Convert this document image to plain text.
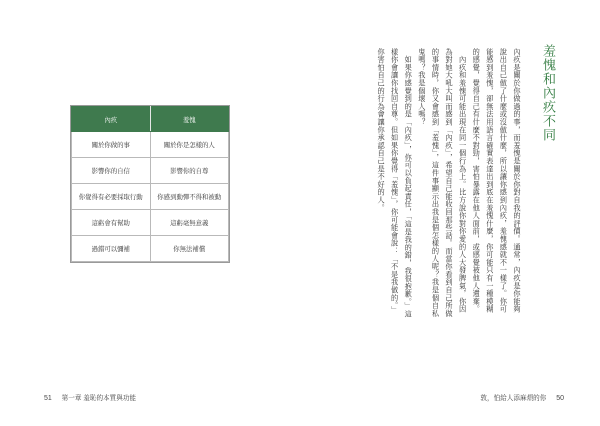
內疚	羞愧
關於你做的事	關於你是怎樣的人
影響你的自信	影響你的自尊
你覺得有必要採取行動	你感到動彈不得和被動
這虧會有幫助	這虧毫無意義
過錯可以彌補	你無法補償
羞愧和內疚不同

內疚是關於你做過的事，而羞愧是關於你對自我的評價。通常，內疚是你能夠說出自己做了什麼或沒做什麼，所以讓你感到內疚，羞愧感就不一樣了。你可能感到羞愧，卻無法用語言確實表達出到底在羞愧什麼，你可能只有一種模糊的感覺，覺得自己有什麼不對勁，害怕暴露在他人面前，或感覺被他人遺棄。

內疚和羞愧可能出現在同一個行為上。比方說你對你愛的人大發脾氣，你因為對她大吼大叫而感到「內疚」，希望自己能收回那些話。而當你看到自己所做的事情時，你又會感到「羞愧」，這件事顯示出我是個怎樣的人呢？我是個自私鬼嗎？我是個壞人嗎？

如果你感覺到的是「內疚」，你可以負起責任，「這是我的錯，我很抱歉。」這樣你會讓你找回自尊。但如果你覺得「羞愧」，你可能會說：「不是我做的。」你害怕自己的行為會讓你承認自己是不好的人。

51 第一章 羞恥的本質與功能	敦，怕給人添麻煩的你 50
